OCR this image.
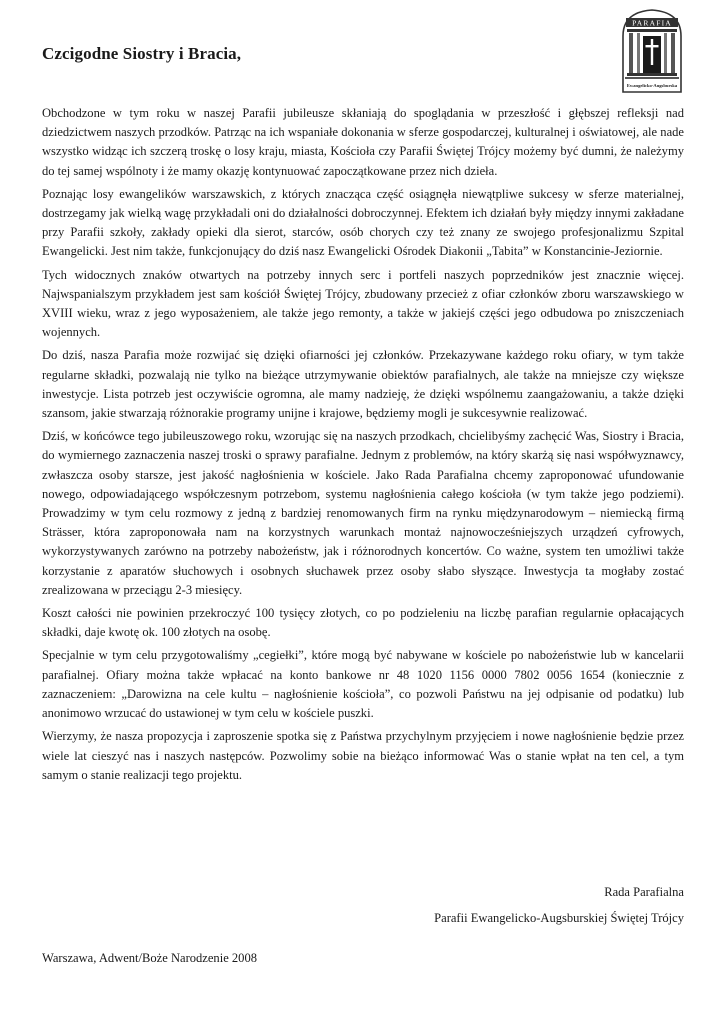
Czcigodne Siostry i Bracia,
PARAFIA
Ewangelicko-Augsburska

Obchodzone w tym roku w naszej Parafii jubileusze skłaniają do spoglądania w przeszłość i głębszej refleksji nad dziedzictwem naszych przodków. Patrząc na ich wspaniałe dokonania w sferze gospodarczej, kulturalnej i oświatowej, ale nade wszystko widząc ich szczerą troskę o losy kraju, miasta, Kościoła czy Parafii Świętej Trójcy możemy być dumni, że należymy do tej samej wspólnoty i że mamy okazję kontynuować zapoczątkowane przez nich dzieła.

Poznając losy ewangelików warszawskich, z których znacząca część osiągnęła niewątpliwe sukcesy w sferze materialnej, dostrzegamy jak wielką wagę przykładali oni do działalności dobroczynnej. Efektem ich działań były między innymi zakładane przy Parafii szkoły, zakłady opieki dla sierot, starców, osób chorych czy też znany ze swojego profesjonalizmu Szpital Ewangelicki. Jest nim także, funkcjonujący do dziś nasz Ewangelicki Ośrodek Diakonii „Tabita” w Konstancinie-Jeziornie.

Tych widocznych znaków otwartych na potrzeby innych serc i portfeli naszych poprzedników jest znacznie więcej. Najwspanialszym przykładem jest sam kościół Świętej Trójcy, zbudowany przecież z ofiar członków zboru warszawskiego w XVIII wieku, wraz z jego wyposażeniem, ale także jego remonty, a także w jakiejś części jego odbudowa po zniszczeniach wojennych.

Do dziś, nasza Parafia może rozwijać się dzięki ofiarności jej członków. Przekazywane każdego roku ofiary, w tym także regularne składki, pozwalają nie tylko na bieżące utrzymywanie obiektów parafialnych, ale także na mniejsze czy większe inwestycje. Lista potrzeb jest oczywiście ogromna, ale mamy nadzieję, że dzięki wspólnemu zaangażowaniu, a także dzięki szansom, jakie stwarzają różnorakie programy unijne i krajowe, będziemy mogli je sukcesywnie realizować.

Dziś, w końcówce tego jubileuszowego roku, wzorując się na naszych przodkach, chcielibyśmy zachęcić Was, Siostry i Bracia, do wymiernego zaznaczenia naszej troski o sprawy parafialne. Jednym z problemów, na który skarżą się nasi współwyznawcy, zwłaszcza osoby starsze, jest jakość nagłośnienia w kościele. Jako Rada Parafialna chcemy zaproponować ufundowanie nowego, odpowiadającego współczesnym potrzebom, systemu nagłośnienia całego kościoła (w tym także jego podziemi). Prowadzimy w tym celu rozmowy z jedną z bardziej renomowanych firm na rynku międzynarodowym – niemiecką firmą Strässer, która zaproponowała nam na korzystnych warunkach montaż najnowocześniejszych urządzeń cyfrowych, wykorzystywanych zarówno na potrzeby nabożeństw, jak i różnorodnych koncertów. Co ważne, system ten umożliwi także korzystanie z aparatów słuchowych i osobnych słuchawek przez osoby słabo słyszące. Inwestycja ta mogłaby zostać zrealizowana w przeciągu 2-3 miesięcy.

Koszt całości nie powinien przekroczyć 100 tysięcy złotych, co po podzieleniu na liczbę parafian regularnie opłacających składki, daje kwotę ok. 100 złotych na osobę.

Specjalnie w tym celu przygotowaliśmy „cegiełki”, które mogą być nabywane w kościele po nabożeństwie lub w kancelarii parafialnej. Ofiary można także wpłacać na konto bankowe nr 48 1020 1156 0000 7802 0056 1654 (koniecznie z zaznaczeniem: „Darowizna na cele kultu – nagłośnienie kościoła”, co pozwoli Państwu na jej odpisanie od podatku) lub anonimowo wrzucać do ustawionej w tym celu w kościele puszki.

Wierzymy, że nasza propozycja i zaproszenie spotka się z Państwa przychylnym przyjęciem i nowe nagłośnienie będzie przez wiele lat cieszyć nas i naszych następców. Pozwolimy sobie na bieżąco informować Was o stanie wpłat na ten cel, a tym samym o stanie realizacji tego projektu.

Rada Parafialna
Parafii Ewangelicko-Augsburskiej Świętej Trójcy
Warszawa, Adwent/Boże Narodzenie 2008
